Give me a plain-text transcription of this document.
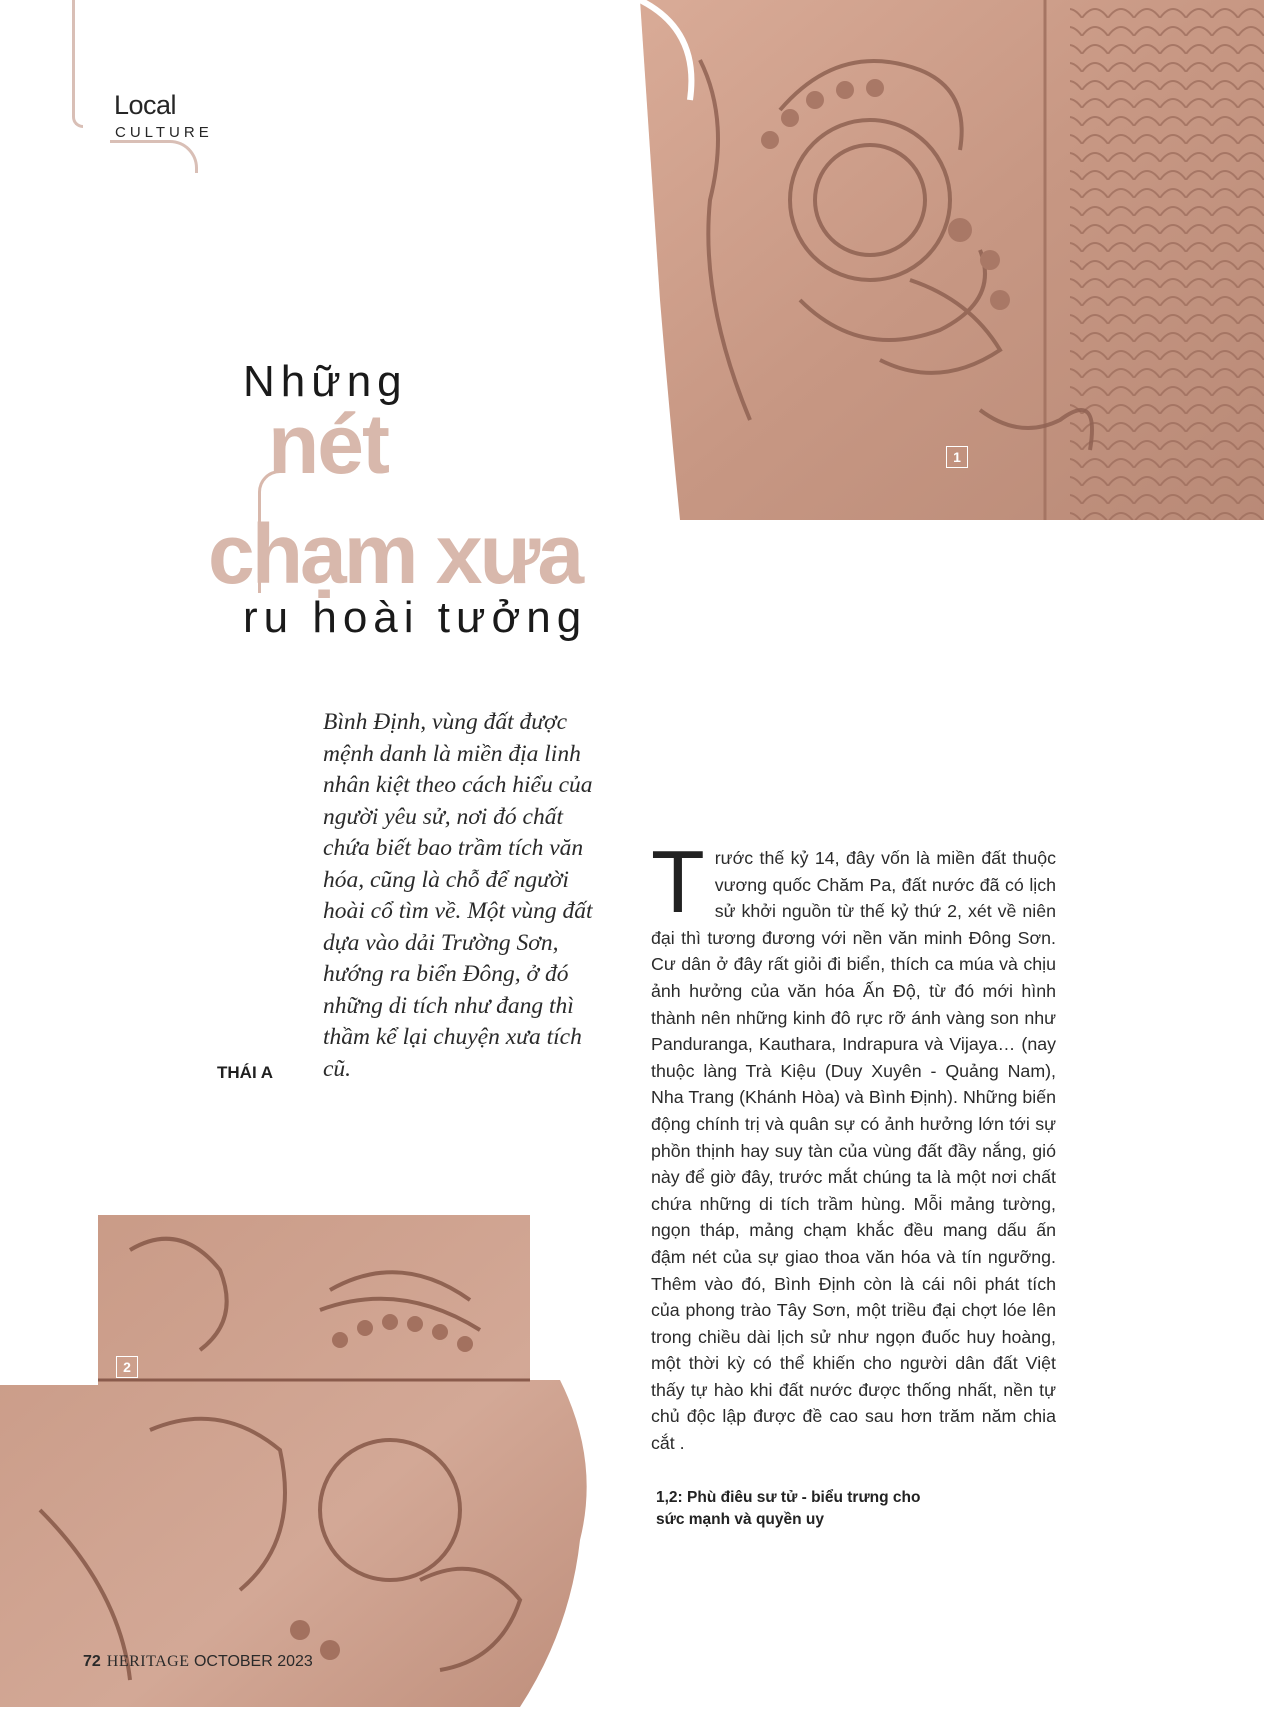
Local
CULTURE
1
Những
nét
chạm xưa
ru hoài tưởng
Bình Định, vùng đất được mệnh danh là miền địa linh nhân kiệt theo cách hiểu của người yêu sử, nơi đó chất chứa biết bao trầm tích văn hóa, cũng là chỗ để người hoài cổ tìm về. Một vùng đất dựa vào dải Trường Sơn, hướng ra biển Đông, ở đó những di tích như đang thì thầm kể lại chuyện xưa tích cũ.
THÁI A
Trước thế kỷ 14, đây vốn là miền đất thuộc vương quốc Chăm Pa, đất nước đã có lịch sử khởi nguồn từ thế kỷ thứ 2, xét về niên đại thì tương đương với nền văn minh Đông Sơn. Cư dân ở đây rất giỏi đi biển, thích ca múa và chịu ảnh hưởng của văn hóa Ấn Độ, từ đó mới hình thành nên những kinh đô rực rỡ ánh vàng son như Panduranga, Kauthara, Indrapura và Vijaya… (nay thuộc làng Trà Kiệu (Duy Xuyên - Quảng Nam), Nha Trang (Khánh Hòa) và Bình Định). Những biến động chính trị và quân sự có ảnh hưởng lớn tới sự phồn thịnh hay suy tàn của vùng đất đầy nắng, gió này để giờ đây, trước mắt chúng ta là một nơi chất chứa những di tích trầm hùng. Mỗi mảng tường, ngọn tháp, mảng chạm khắc đều mang dấu ấn đậm nét của sự giao thoa văn hóa và tín ngưỡng. Thêm vào đó, Bình Định còn là cái nôi phát tích của phong trào Tây Sơn, một triều đại chợt lóe lên trong chiều dài lịch sử như ngọn đuốc huy hoàng, một thời kỳ có thể khiến cho người dân đất Việt thấy tự hào khi đất nước được thống nhất, nền tự chủ độc lập được đề cao sau hơn trăm năm chia cắt .
1,2: Phù điêu sư tử - biểu trưng cho sức mạnh và quyền uy
2
72 HERITAGE OCTOBER 2023
